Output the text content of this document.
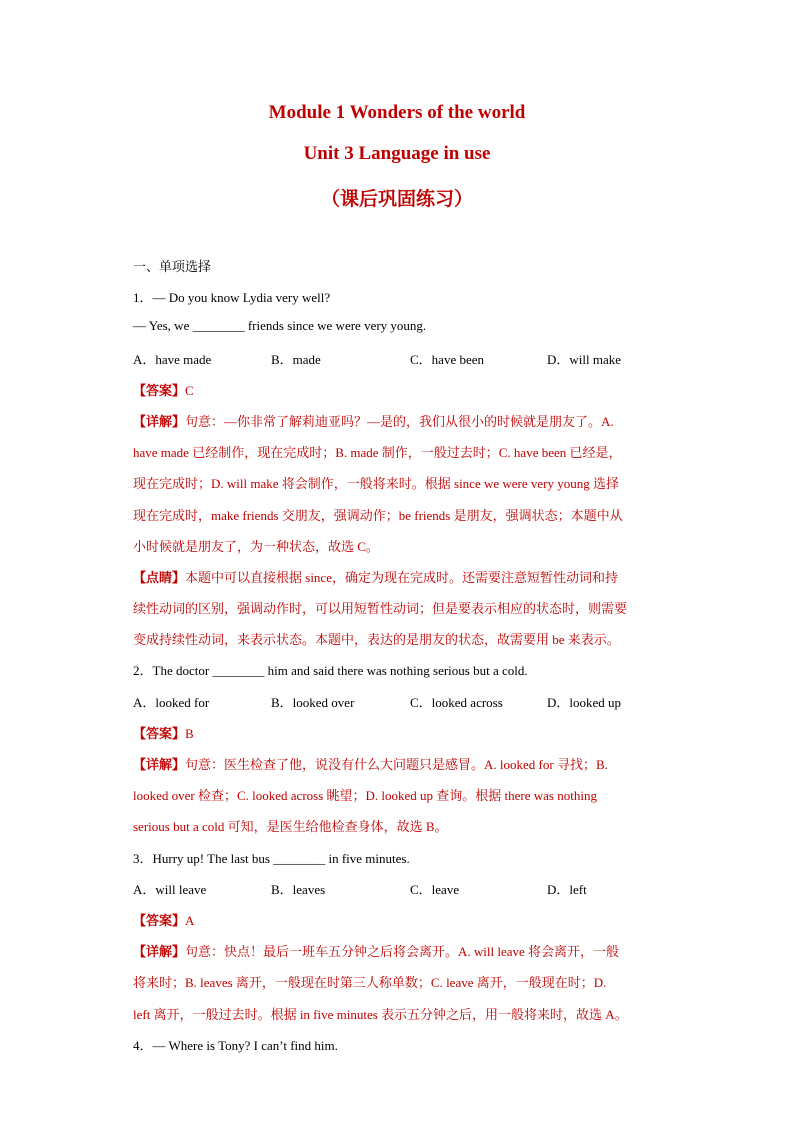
Module 1 Wonders of the world
Unit 3 Language in use
（课后巩固练习）
一、单项选择
1．— Do you know Lydia very well?
— Yes, we ________ friends since we were very young.
A．have made	B．made	C．have been	D．will make
【答案】C
【详解】句意：—你非常了解莉迪亚吗？—是的，我们从很小的时候就是朋友了。A.
have made 已经制作，现在完成时；B. made 制作，一般过去时；C. have been 已经是，
现在完成时；D. will make 将会制作，一般将来时。根据 since we were very young 选择
现在完成时，make friends 交朋友，强调动作；be friends 是朋友，强调状态；本题中从
小时候就是朋友了，为一种状态，故选 C。
【点睛】本题中可以直接根据 since，确定为现在完成时。还需要注意短暂性动词和持
续性动词的区别，强调动作时，可以用短暂性动词；但是要表示相应的状态时，则需要
变成持续性动词，来表示状态。本题中，表达的是朋友的状态，故需要用 be 来表示。
2．The doctor ________ him and said there was nothing serious but a cold.
A．looked for	B．looked over	C．looked across	D．looked up
【答案】B
【详解】句意：医生检查了他，说没有什么大问题只是感冒。A. looked for 寻找；B.
looked over 检查；C. looked across 眺望；D. looked up 查询。根据 there was nothing
serious but a cold 可知，是医生给他检查身体，故选 B。
3．Hurry up! The last bus ________ in five minutes.
A．will leave	B．leaves	C．leave	D．left
【答案】A
【详解】句意：快点！最后一班车五分钟之后将会离开。A. will leave 将会离开，一般
将来时；B. leaves 离开，一般现在时第三人称单数；C. leave 离开，一般现在时；D.
left 离开，一般过去时。根据 in five minutes 表示五分钟之后，用一般将来时，故选 A。
4．— Where is Tony? I can’t find him.
